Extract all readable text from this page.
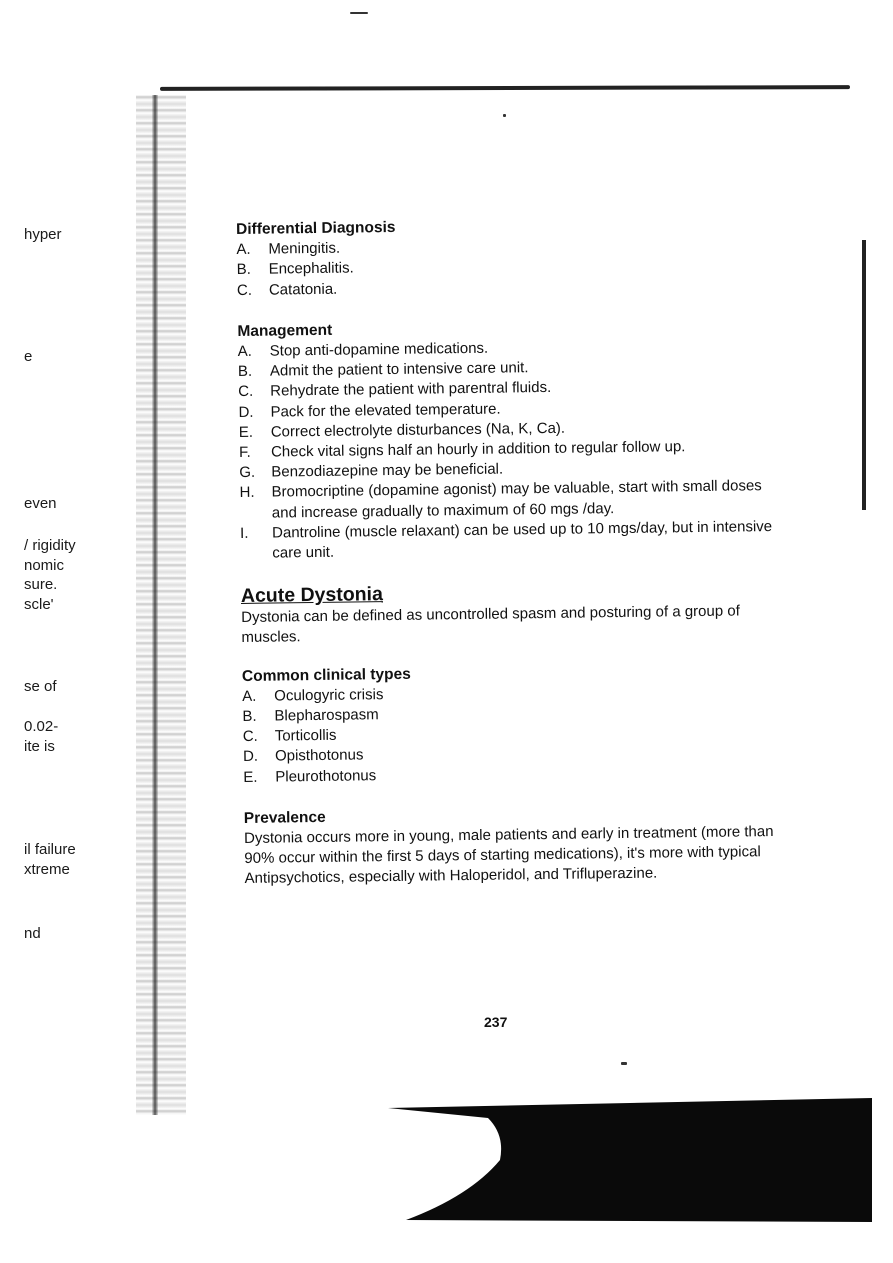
hyper
e
even
/ rigidity
nomic
sure.
scle'
se of
0.02-
ite is
il failure
xtreme
nd
Differential Diagnosis
A.	Meningitis.
B.	Encephalitis.
C.	Catatonia.
Management
A.	Stop anti-dopamine medications.
B.	Admit the patient to intensive care unit.
C.	Rehydrate the patient with parentral fluids.
D.	Pack for the elevated temperature.
E.	Correct electrolyte disturbances (Na, K, Ca).
F.	Check vital signs half an hourly in addition to regular follow up.
G.	Benzodiazepine may be beneficial.
H.	Bromocriptine (dopamine agonist) may be valuable, start with small doses and increase gradually to maximum of 60 mgs /day.
I.	Dantroline (muscle relaxant) can be used up to 10 mgs/day, but in intensive care unit.
Acute Dystonia

Dystonia can be defined as uncontrolled spasm and posturing of a group of muscles.

Common clinical types
A.	Oculogyric crisis
B.	Blepharospasm
C.	Torticollis
D.	Opisthotonus
E.	Pleurothotonus
Prevalence

Dystonia occurs more in young, male patients and early in treatment (more than 90% occur within the first 5 days of starting medications), it's more with typical Antipsychotics, especially with Haloperidol, and Trifluperazine.

237
